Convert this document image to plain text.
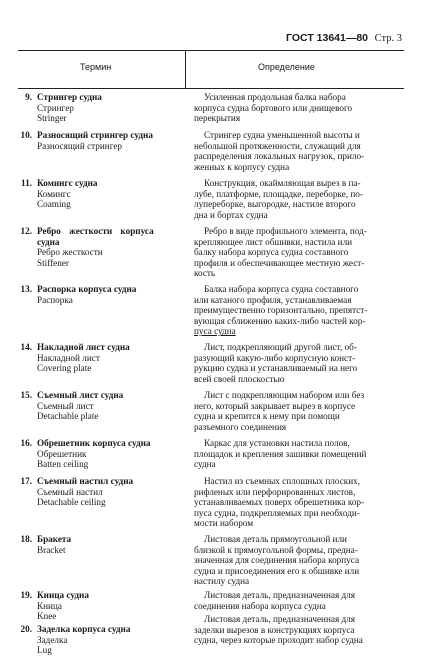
ГОСТ 13641—80 Стр. 3
Термин	Определение
9. Стрингер судна
Стрингер
Stringer
Усиленная продольная балка набора
корпуса судна бортового или днищевого
перекрытия
10. Разносящий стрингер судна
Разносящий стрингер
Стрингер судна уменьшенной высоты и
небольшой протяженности, служащий для
распределения локальных нагрузок, прило-
женных к корпусу судна
11. Комингс судна
Комингс
Coaming
Конструкция, окаймляющая вырез в па-
лубе, платформе, площадке, переборке, по-
лупереборке, выгородке, настиле второго
дна и бортах судна
12. Ребро жесткости корпуса
судна
Ребро жесткости
Stiffener
Ребро в виде профильного элемента, под-
крепляющее лист обшивки, настила или
балку набора корпуса судна составного
профиля и обеспечивающее местную жест-
кость
13. Распорка корпуса судна
Распорка
Балка набора корпуса судна составного
или катаного профиля, устанавливаемая
преимущественно горизонтально, препятст-
вующая сближению каких-либо частей кор-
пуса судна
14. Накладной лист судна
Накладной лист
Covering plate
Лист, подкрепляющий другой лист, об-
разующий какую-либо корпусную конст-
рукцию судна и устанавливаемый на него
всей своей плоскостью
15. Съемный лист судна
Съемный лист
Detachable plate
Лист с подкрепляющим набором или без
него, который закрывает вырез в корпусе
судна и крепится к нему при помощи
разъемного соединения
16. Обрешетник корпуса судна
Обрешетник
Batten ceiling
Каркас для установки настила полов,
площадок и крепления зашивки помещений
судна
17. Съемный настил судна
Съемный настил
Detachable ceiling
Настил из съемных сплошных плоских,
рифленых или перфорированных листов,
устанавливаемых поверх обрешетника кор-
пуса судна, подкрепляемых при необходи-
мости набором
18. Бракета
Bracket
Листовая деталь прямоугольной или
близкой к прямоугольной формы, предна-
значенная для соединения набора корпуса
судна и присоединения его к обшивке или
настилу судна
19. Кница судна
Кница
Knee
Листовая деталь, предназначенная для
соединения набора корпуса судна
20. Заделка корпуса судна
Заделка
Lug
Листовая деталь, предназначенная для
заделки вырезов в конструкциях корпуса
судна, через которые проходит набор судна
